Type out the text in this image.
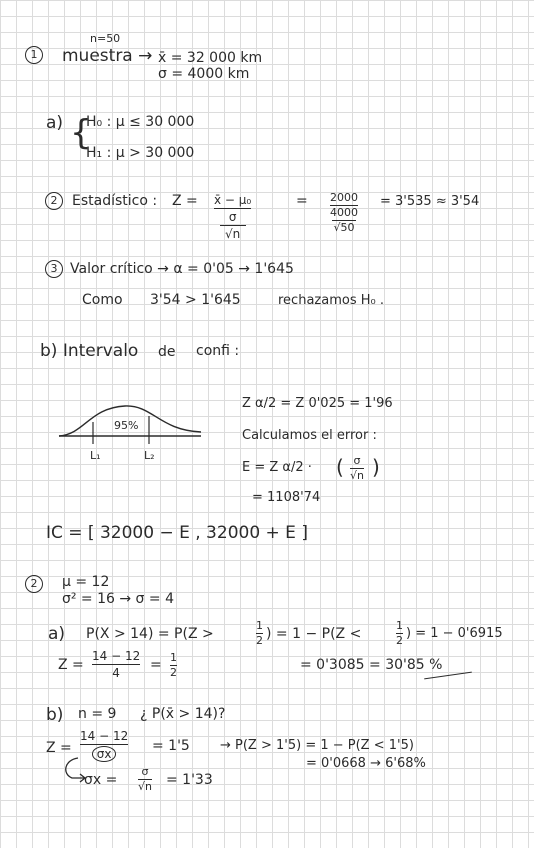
1
n=50
muestra → x̄ = 32 000 km
σ = 4000 km
a) {
H₀ : μ ≤ 30 000
H₁ : μ > 30 000
2	Estadístico : Z = x̄ − μ₀
σ
√n
= 2000
4000
√50
= 3'535 ≈ 3'54
3 Valor crítico → α = 0'05 → 1'645
Como 3'54 > 1'645	rechazamos H₀ .
b) Intervalo de confi :
95%
L₁	L₂
Z α/2 = Z 0'025 = 1'96
Calculamos el error :
E = Z α/2 · ( σ
√n )
= 1108'74
IC = [ 32000 − E , 32000 + E ]
2	μ = 12
σ² = 16 → σ = 4
a) P(X > 14) = P(Z >
1
2 ) = 1 − P(Z <
1
2 ) = 1 − 0'6915
Z =
14 − 12
4 = 1
2	= 0'3085 = 30'85 %
b) n = 9 ¿ P(x̄ > 14)?
$Z = \frac{14 - 12}{\sigma x} = 1'5 \to P(Z > 1'5) = 1 - P(Z < 1'5)$
= 0'0668 → 6'68%
σx =
σ
√n = 1'33
